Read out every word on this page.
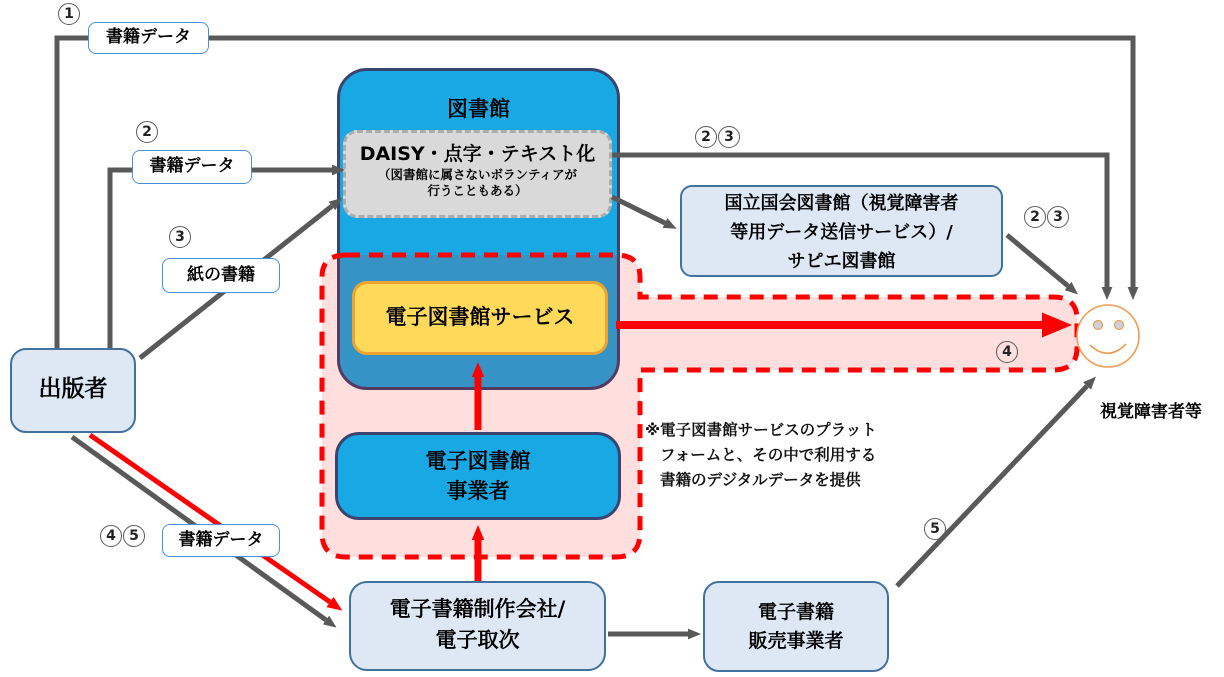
図書館
DAISY・点字・テキスト化
（図書館に属さないボランティアが
行うこともある）
電子図書館サービス
電子図書館
事業者
国立国会図書館（視覚障害者
等用データ送信サービス）/
サピエ図書館
出版者
電子書籍制作会社/
電子取次
電子書籍
販売事業者
書籍データ
書籍データ
紙の書籍
書籍データ
1
2
3
2 3
2 3
4
5
4 5
※電子図書館サービスのプラット
フォームと、その中で利用する
書籍のデジタルデータを提供
視覚障害者等
